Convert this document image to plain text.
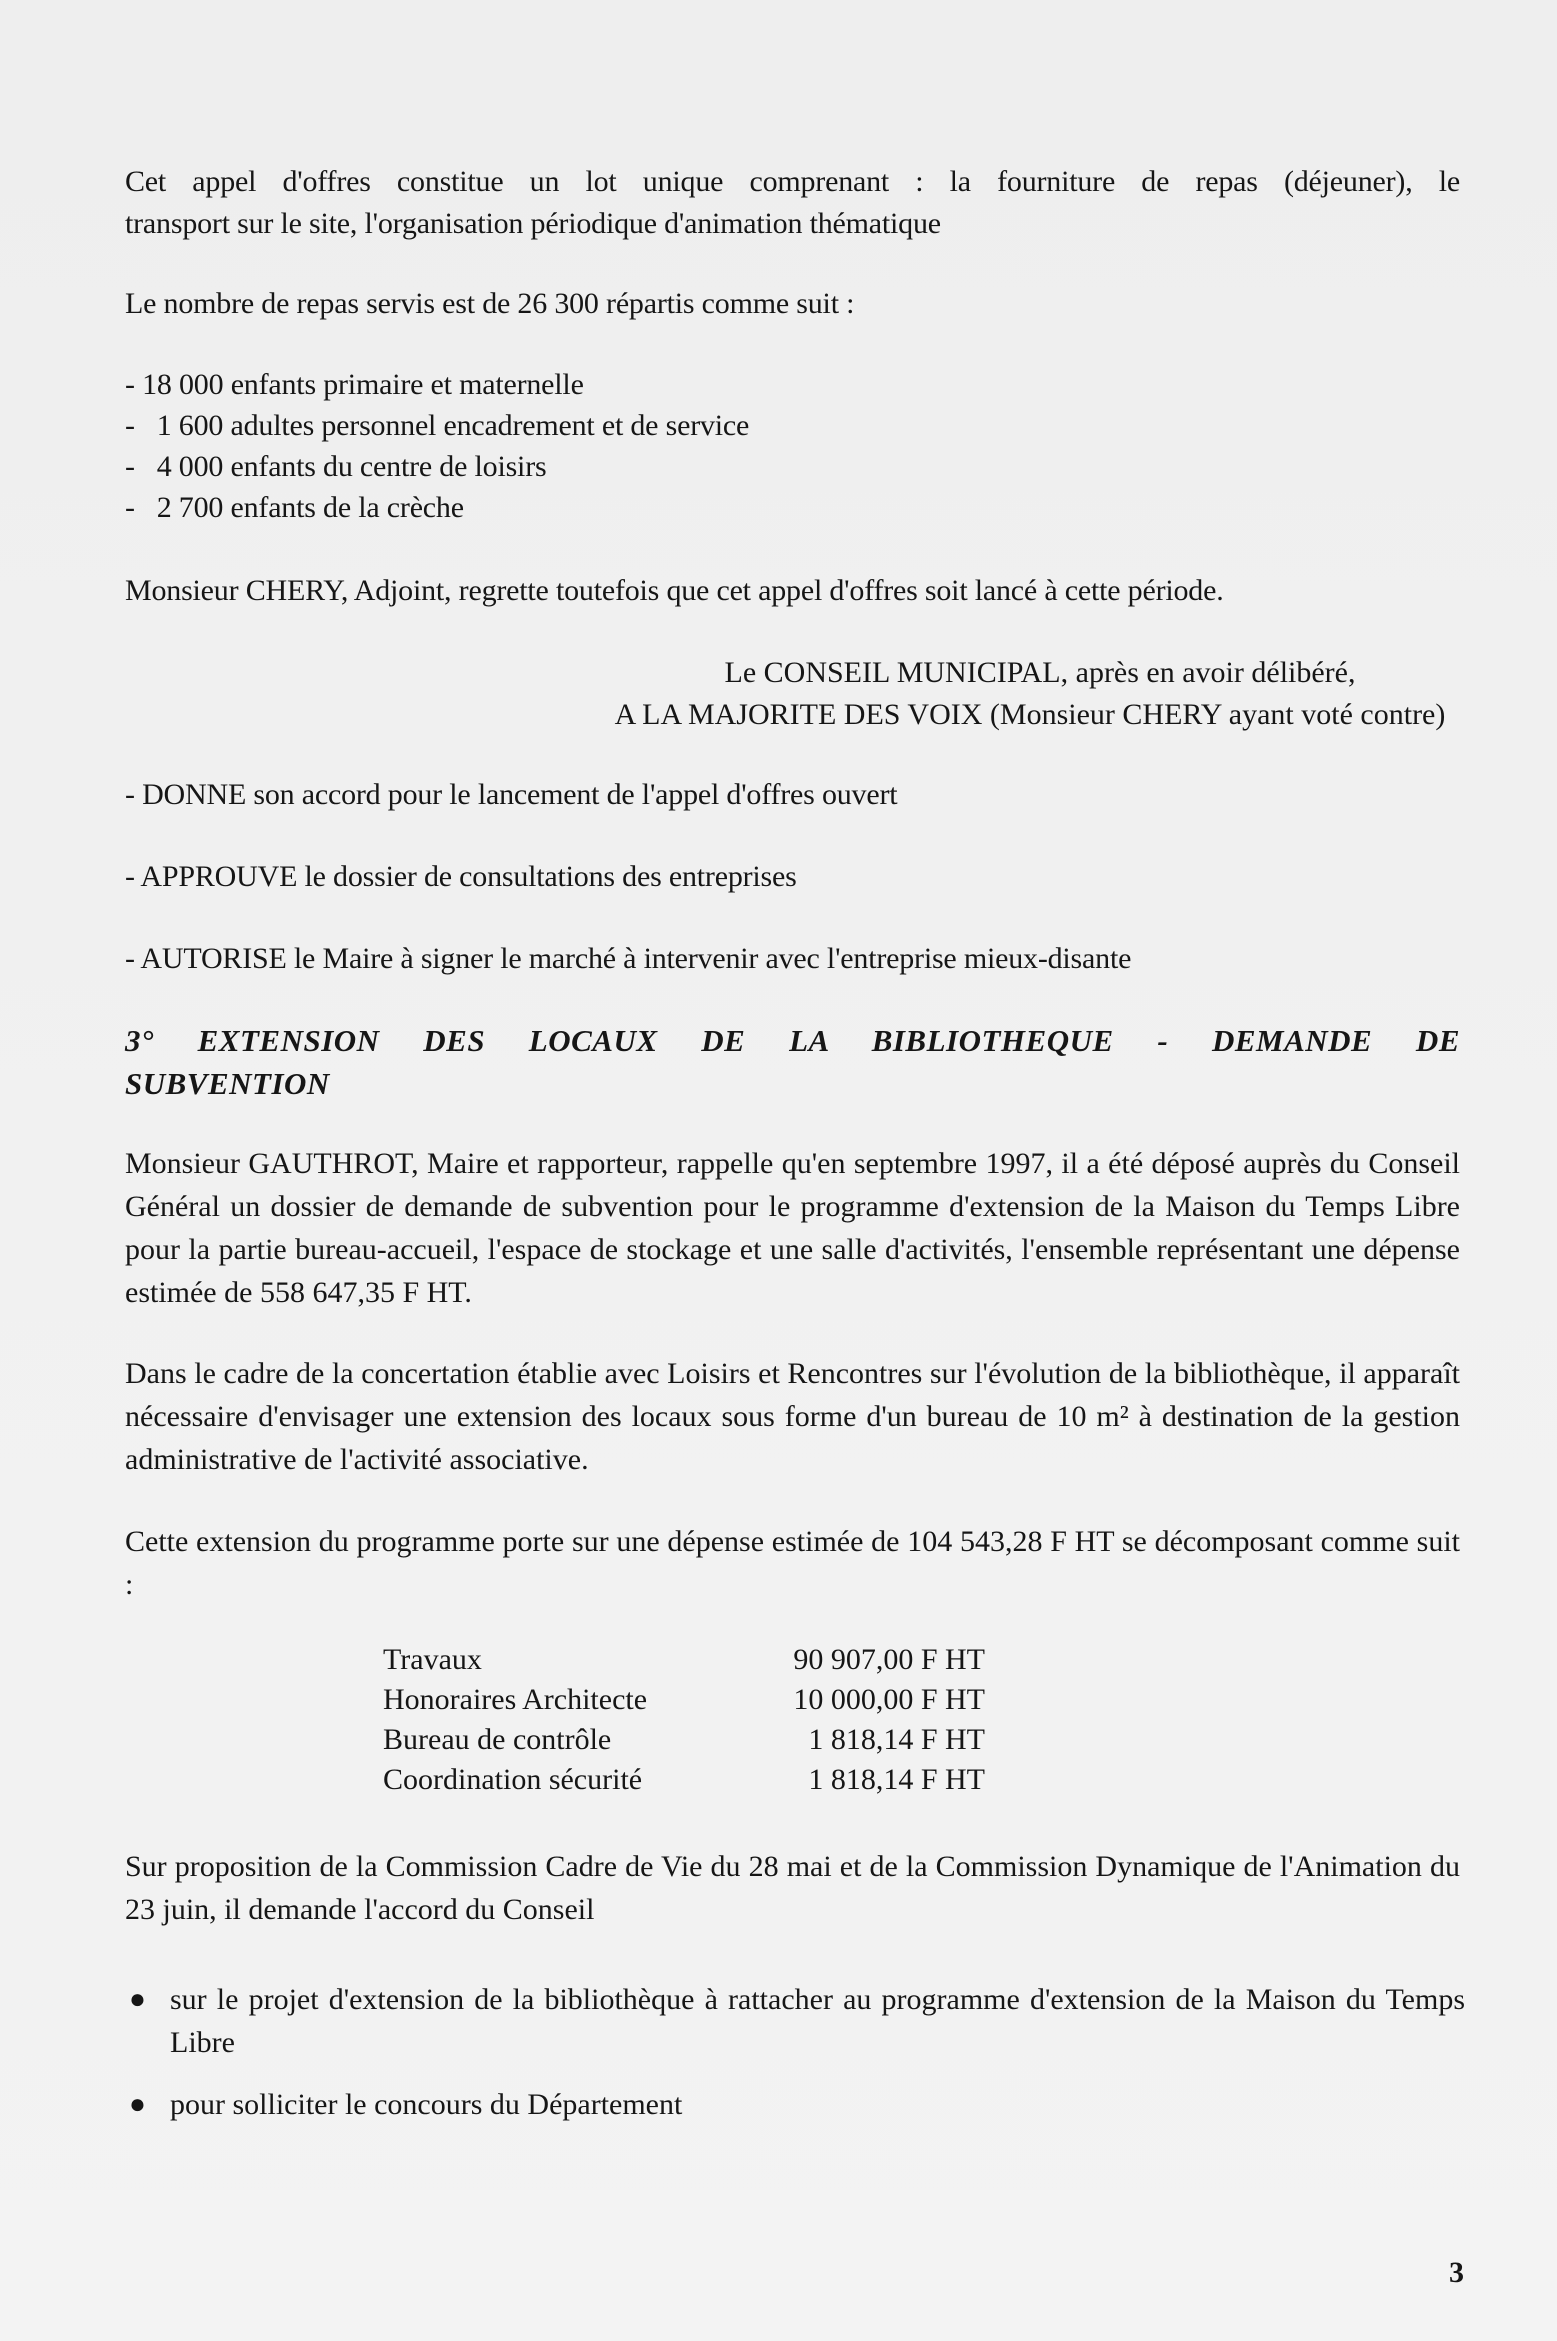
Cet appel d'offres constitue un lot unique comprenant : la fourniture de repas (déjeuner), le
transport sur le site, l'organisation périodique d'animation thématique
Le nombre de repas servis est de 26 300 répartis comme suit :
- 18 000 enfants primaire et maternelle
-   1 600 adultes personnel encadrement et de service
-   4 000 enfants du centre de loisirs
-   2 700 enfants de la crèche
Monsieur CHERY, Adjoint, regrette toutefois que cet appel d'offres soit lancé à cette période.
Le CONSEIL MUNICIPAL, après en avoir délibéré,
A LA MAJORITE DES VOIX (Monsieur CHERY ayant voté contre)
- DONNE son accord pour le lancement de l'appel d'offres ouvert
- APPROUVE le dossier de consultations des entreprises
- AUTORISE le Maire à signer le marché à intervenir avec l'entreprise mieux-disante
3° EXTENSION DES LOCAUX DE LA BIBLIOTHEQUE - DEMANDE DE
SUBVENTION
Monsieur GAUTHROT, Maire et rapporteur, rappelle qu'en septembre 1997, il a été déposé auprès du Conseil Général un dossier de demande de subvention pour le programme d'extension de la Maison du Temps Libre pour la partie bureau-accueil, l'espace de stockage et une salle d'activités, l'ensemble représentant une dépense estimée de 558 647,35 F HT.
Dans le cadre de la concertation établie avec Loisirs et Rencontres sur l'évolution de la bibliothèque, il apparaît nécessaire d'envisager une extension des locaux sous forme d'un bureau de 10 m² à destination de la gestion administrative de l'activité associative.
Cette extension du programme porte sur une dépense estimée de 104 543,28 F HT se décomposant comme suit :
Travaux	90 907,00 F HT
Honoraires Architecte	10 000,00 F HT
Bureau de contrôle	1 818,14 F HT
Coordination sécurité	1 818,14 F HT
Sur proposition de la Commission Cadre de Vie du 28 mai et de la Commission Dynamique de l'Animation du 23 juin, il demande l'accord du Conseil
● sur le projet d'extension de la bibliothèque à rattacher au programme d'extension de la Maison du Temps Libre
● pour solliciter le concours du Département
3
